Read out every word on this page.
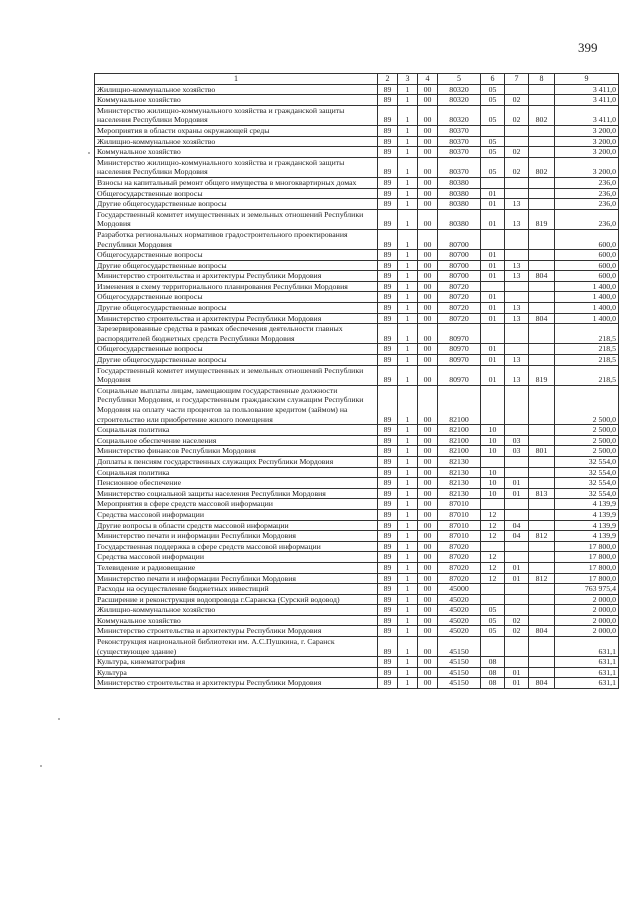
399
1	2	3	4	5	6	7	8	9
Жилищно-коммунальное хозяйство	89	1	00	80320	05			3 411,0
Коммунальное хозяйство	89	1	00	80320	05	02		3 411,0
Министерство жилищно-коммунального хозяйства и гражданской защиты населения Республики Мордовия	89	1	00	80320	05	02	802	3 411,0
Мероприятия в области охраны окружающей среды	89	1	00	80370				3 200,0
Жилищно-коммунальное хозяйство	89	1	00	80370	05			3 200,0
Коммунальное хозяйство	89	1	00	80370	05	02		3 200,0
Министерство жилищно-коммунального хозяйства и гражданской защиты населения Республики Мордовия	89	1	00	80370	05	02	802	3 200,0
Взносы на капитальный ремонт общего имущества в многоквартирных домах	89	1	00	80380				236,0
Общегосударственные вопросы	89	1	00	80380	01			236,0
Другие общегосударственные вопросы	89	1	00	80380	01	13		236,0
Государственный комитет имущественных и земельных отношений Республики Мордовия	89	1	00	80380	01	13	819	236,0
Разработка региональных нормативов градостроительного проектирования Республики Мордовия	89	1	00	80700				600,0
Общегосударственные вопросы	89	1	00	80700	01			600,0
Другие общегосударственные вопросы	89	1	00	80700	01	13		600,0
Министерство строительства и архитектуры Республики Мордовия	89	1	00	80700	01	13	804	600,0
Изменения в схему территориального планирования Республики Мордовия	89	1	00	80720				1 400,0
Общегосударственные вопросы	89	1	00	80720	01			1 400,0
Другие общегосударственные вопросы	89	1	00	80720	01	13		1 400,0
Министерство строительства и архитектуры Республики Мордовия	89	1	00	80720	01	13	804	1 400,0
Зарезервированные средства в рамках обеспечения деятельности главных распорядителей бюджетных средств Республики Мордовия	89	1	00	80970				218,5
Общегосударственные вопросы	89	1	00	80970	01			218,5
Другие общегосударственные вопросы	89	1	00	80970	01	13		218,5
Государственный комитет имущественных и земельных отношений Республики Мордовия	89	1	00	80970	01	13	819	218,5
Социальные выплаты лицам, замещающим государственные должности Республики Мордовия, и государственным гражданским служащим Республики Мордовия на оплату части процентов за пользование кредитом (займом) на строительство или приобретение жилого помещения	89	1	00	82100				2 500,0
Социальная политика	89	1	00	82100	10			2 500,0
Социальное обеспечение населения	89	1	00	82100	10	03		2 500,0
Министерство финансов Республики Мордовия	89	1	00	82100	10	03	801	2 500,0
Доплаты к пенсиям государственных служащих Республики Мордовия	89	1	00	82130				32 554,0
Социальная политика	89	1	00	82130	10			32 554,0
Пенсионное обеспечение	89	1	00	82130	10	01		32 554,0
Министерство социальной защиты населения Республики Мордовия	89	1	00	82130	10	01	813	32 554,0
Мероприятия в сфере средств массовой информации	89	1	00	87010				4 139,9
Средства массовой информации	89	1	00	87010	12			4 139,9
Другие вопросы в области средств массовой информации	89	1	00	87010	12	04		4 139,9
Министерство печати и информации Республики Мордовия	89	1	00	87010	12	04	812	4 139,9
Государственная поддержка в сфере средств массовой информации	89	1	00	87020				17 800,0
Средства массовой информации	89	1	00	87020	12			17 800,0
Телевидение и радиовещание	89	1	00	87020	12	01		17 800,0
Министерство печати и информации Республики Мордовия	89	1	00	87020	12	01	812	17 800,0
Расходы на осуществление бюджетных инвестиций	89	1	00	45000				763 975,4
Расширение и реконструкция водопровода г.Саранска (Сурский водовод)	89	1	00	45020				2 000,0
Жилищно-коммунальное хозяйство	89	1	00	45020	05			2 000,0
Коммунальное хозяйство	89	1	00	45020	05	02		2 000,0
Министерство строительства и архитектуры Республики Мордовия	89	1	00	45020	05	02	804	2 000,0
Реконструкция национальной библиотеки им. А.С.Пушкина, г. Саранск (существующее здание)	89	1	00	45150				631,1
Культура, кинематография	89	1	00	45150	08			631,1
Культура	89	1	00	45150	08	01		631,1
Министерство строительства и архитектуры Республики Мордовия	89	1	00	45150	08	01	804	631,1
